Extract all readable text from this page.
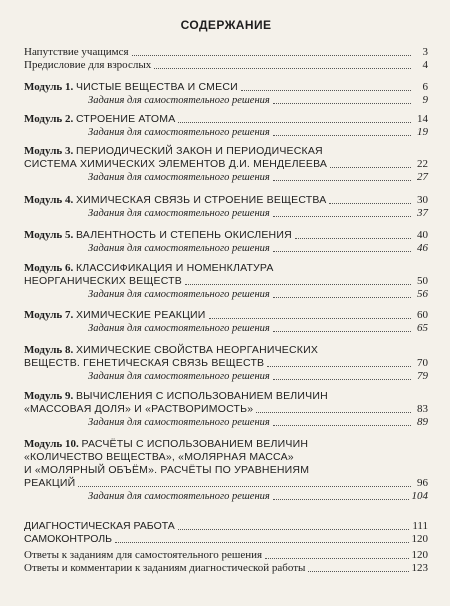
СОДЕРЖАНИЕ
Напутствие учащимся	3
Предисловие для взрослых	4
Модуль 1. ЧИСТЫЕ ВЕЩЕСТВА И СМЕСИ	6
Задания для самостоятельного решения	9
Модуль 2. СТРОЕНИЕ АТОМА	14
Задания для самостоятельного решения	19
Модуль 3. ПЕРИОДИЧЕСКИЙ ЗАКОН И ПЕРИОДИЧЕСКАЯ
СИСТЕМА ХИМИЧЕСКИХ ЭЛЕМЕНТОВ Д.И. МЕНДЕЛЕЕВА	22
Задания для самостоятельного решения	27
Модуль 4. ХИМИЧЕСКАЯ СВЯЗЬ И СТРОЕНИЕ ВЕЩЕСТВА	30
Задания для самостоятельного решения	37
Модуль 5. ВАЛЕНТНОСТЬ И СТЕПЕНЬ ОКИСЛЕНИЯ	40
Задания для самостоятельного решения	46
Модуль 6. КЛАССИФИКАЦИЯ И НОМЕНКЛАТУРА
НЕОРГАНИЧЕСКИХ ВЕЩЕСТВ	50
Задания для самостоятельного решения	56
Модуль 7. ХИМИЧЕСКИЕ РЕАКЦИИ	60
Задания для самостоятельного решения	65
Модуль 8. ХИМИЧЕСКИЕ СВОЙСТВА НЕОРГАНИЧЕСКИХ
ВЕЩЕСТВ. ГЕНЕТИЧЕСКАЯ СВЯЗЬ ВЕЩЕСТВ	70
Задания для самостоятельного решения	79
Модуль 9. ВЫЧИСЛЕНИЯ С ИСПОЛЬЗОВАНИЕМ ВЕЛИЧИН
«МАССОВАЯ ДОЛЯ» И «РАСТВОРИМОСТЬ»	83
Задания для самостоятельного решения	89
Модуль 10. РАСЧЁТЫ С ИСПОЛЬЗОВАНИЕМ ВЕЛИЧИН
«КОЛИЧЕСТВО ВЕЩЕСТВА», «МОЛЯРНАЯ МАССА»
И «МОЛЯРНЫЙ ОБЪЁМ». РАСЧЁТЫ ПО УРАВНЕНИЯМ
РЕАКЦИЙ	96
Задания для самостоятельного решения	104
ДИАГНОСТИЧЕСКАЯ РАБОТА	111
САМОКОНТРОЛЬ	120
Ответы к заданиям для самостоятельного решения	120
Ответы и комментарии к заданиям диагностической работы	123
